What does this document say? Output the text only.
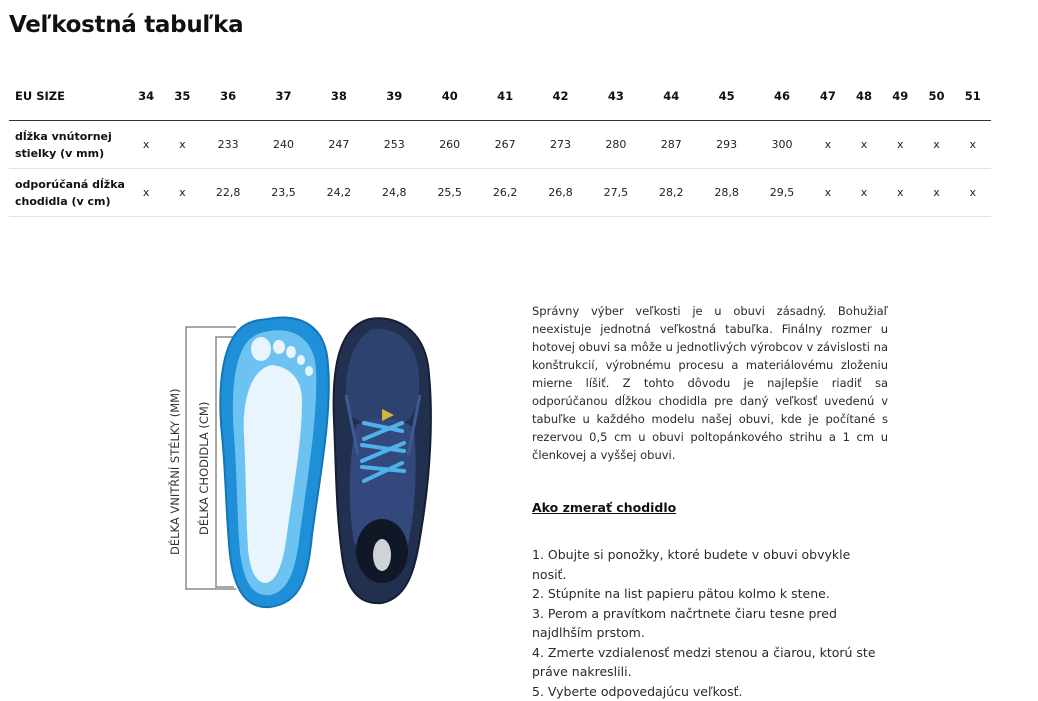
Veľkostná tabuľka
EU SIZE	34	35	36	37	38	39	40	41	42	43	44	45	46	47	48	49	50	51

dĺžka vnútornej
stielky (v mm)	x	x	233	240	247	253	260	267	273	280	287	293	300	x	x	x	x	x

odporúčaná dĺžka
chodidla (v cm)	x	x	22,8	23,5	24,2	24,8	25,5	26,2	26,8	27,5	28,2	28,8	29,5	x	x	x	x	x
DÉLKA VNITŘNÍ STÉLKY (MM) DÉLKA CHODIDLA (CM)

Správny výber veľkosti je u obuvi zásadný. Bohužiaľ neexistuje jednotná veľkostná tabuľka. Finálny rozmer u hotovej obuvi sa môže u jednotlivých výrobcov v závislosti na konštrukcií, výrobnému procesu a materiálovému zloženiu mierne líšiť. Z tohto dôvodu je najlepšie riadiť sa odporúčanou dĺžkou chodidla pre daný veľkosť uvedenú v tabuľke u každého modelu našej obuvi, kde je počítané s rezervou 0,5 cm u obuvi poltopánkového strihu a 1 cm u členkovej a vyššej obuvi.

Ako zmerať chodidlo
1. Obujte si ponožky, ktoré budete v obuvi obvykle nosiť.
2. Stúpnite na list papieru pätou kolmo k stene.
3. Perom a pravítkom načrtnete čiaru tesne pred najdlhším prstom.
4. Zmerte vzdialenosť medzi stenou a čiarou, ktorú ste práve nakreslili.
5. Vyberte odpovedajúcu veľkosť.
